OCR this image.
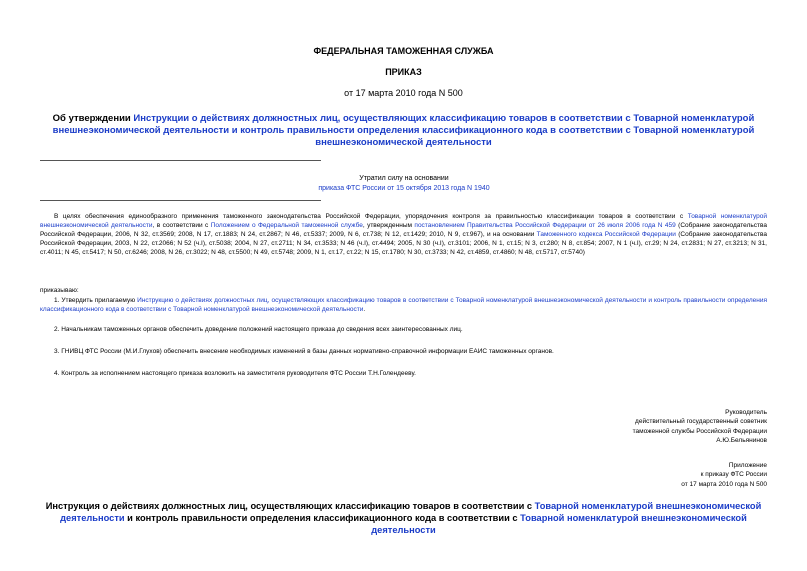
ФЕДЕРАЛЬНАЯ ТАМОЖЕННАЯ СЛУЖБА
ПРИКАЗ
от 17 марта 2010 года N 500
Об утверждении Инструкции о действиях должностных лиц, осуществляющих классификацию товаров в соответствии с Товарной номенклатурой внешнеэкономической деятельности и контроль правильности определения классификационного кода в соответствии с Товарной номенклатурой внешнеэкономической деятельности
Утратил силу на основании
приказа ФТС России от 15 октября 2013 года N 1940
В целях обеспечения единообразного применения таможенного законодательства Российской Федерации, упорядочения контроля за правильностью классификации товаров в соответствии с Товарной номенклатурой внешнеэкономической деятельности, в соответствии с Положением о Федеральной таможенной службе, утвержденным постановлением Правительства Российской Федерации от 26 июля 2006 года N 459 (Собрание законодательства Российской Федерации, 2006, N 32, ст.3569; 2008, N 17, ст.1883; N 24, ст.2867; N 46, ст.5337; 2009, N 6, ст.738; N 12, ст.1429; 2010, N 9, ст.967), и на основании Таможенного кодекса Российской Федерации (Собрание законодательства Российской Федерации, 2003, N 22, ст.2066; N 52 (ч.I), ст.5038; 2004, N 27, ст.2711; N 34, ст.3533; N 46 (ч.I), ст.4494; 2005, N 30 (ч.I), ст.3101; 2006, N 1, ст.15; N 3, ст.280; N 8, ст.854; 2007, N 1 (ч.I), ст.29; N 24, ст.2831; N 27, ст.3213; N 31, ст.4011; N 45, ст.5417; N 50, ст.6246; 2008, N 26, ст.3022; N 48, ст.5500; N 49, ст.5748; 2009, N 1, ст.17, ст.22; N 15, ст.1780; N 30, ст.3733; N 42, ст.4859, ст.4860; N 48, ст.5717, ст.5740)
приказываю:
1. Утвердить прилагаемую Инструкцию о действиях должностных лиц, осуществляющих классификацию товаров в соответствии с Товарной номенклатурой внешнеэкономической деятельности и контроль правильности определения классификационного кода в соответствии с Товарной номенклатурой внешнеэкономической деятельности.
2. Начальникам таможенных органов обеспечить доведение положений настоящего приказа до сведения всех заинтересованных лиц.
3. ГНИВЦ ФТС России (М.И.Глухов) обеспечить внесение необходимых изменений в базы данных нормативно-справочной информации ЕАИС таможенных органов.
4. Контроль за исполнением настоящего приказа возложить на заместителя руководителя ФТС России Т.Н.Голендееву.
Руководитель
действительный государственный советник
таможенной службы Российской Федерации
А.Ю.Бельянинов
Приложение
к приказу ФТС России
от 17 марта 2010 года N 500
Инструкция о действиях должностных лиц, осуществляющих классификацию товаров в соответствии с Товарной номенклатурой внешнеэкономической деятельности и контроль правильности определения классификационного кода в соответствии с Товарной номенклатурой внешнеэкономической деятельности
